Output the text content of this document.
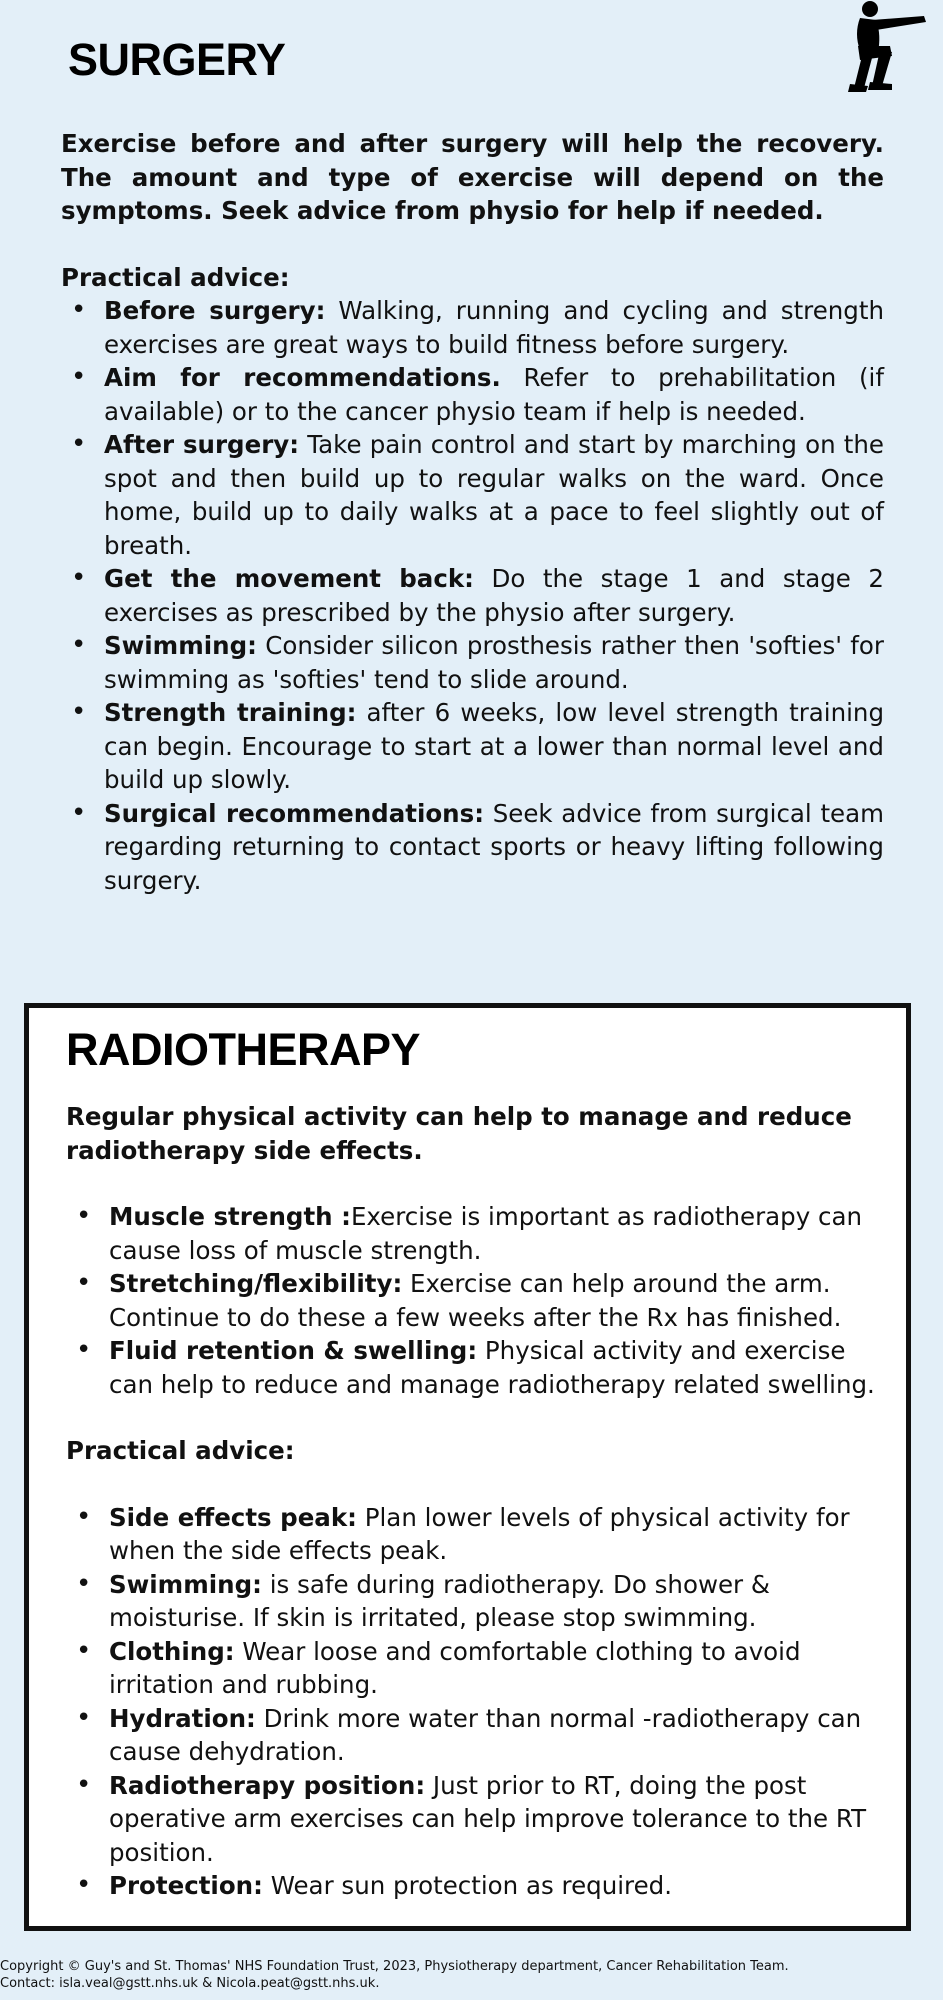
SURGERY

Exercise before and after surgery will help the recovery. The amount and type of exercise will depend on the symptoms. Seek advice from physio for help if needed.

Practical advice:

• Before surgery: Walking, running and cycling and strength exercises are great ways to build fitness before surgery.
• Aim for recommendations. Refer to prehabilitation (if available) or to the cancer physio team if help is needed.
• After surgery: Take pain control and start by marching on the spot and then build up to regular walks on the ward. Once home, build up to daily walks at a pace to feel slightly out of breath.
• Get the movement back: Do the stage 1 and stage 2 exercises as prescribed by the physio after surgery.
• Swimming: Consider silicon prosthesis rather then 'softies' for swimming as 'softies' tend to slide around.
• Strength training: after 6 weeks, low level strength training can begin. Encourage to start at a lower than normal level and build up slowly.
• Surgical recommendations: Seek advice from surgical team regarding returning to contact sports or heavy lifting following surgery.
RADIOTHERAPY

Regular physical activity can help to manage and reduce radiotherapy side effects.

• Muscle strength :Exercise is important as radiotherapy can cause loss of muscle strength.
• Stretching/flexibility: Exercise can help around the arm. Continue to do these a few weeks after the Rx has finished.
• Fluid retention & swelling: Physical activity and exercise can help to reduce and manage radiotherapy related swelling.

Practical advice:

• Side effects peak: Plan lower levels of physical activity for when the side effects peak.
• Swimming: is safe during radiotherapy. Do shower & moisturise. If skin is irritated, please stop swimming.
• Clothing: Wear loose and comfortable clothing to avoid irritation and rubbing.
• Hydration: Drink more water than normal -radiotherapy can cause dehydration.
• Radiotherapy position: Just prior to RT, doing the post operative arm exercises can help improve tolerance to the RT position.
• Protection: Wear sun protection as required.
Copyright © Guy's and St. Thomas' NHS Foundation Trust, 2023, Physiotherapy department, Cancer Rehabilitation Team.
Contact: isla.veal@gstt.nhs.uk & Nicola.peat@gstt.nhs.uk.
